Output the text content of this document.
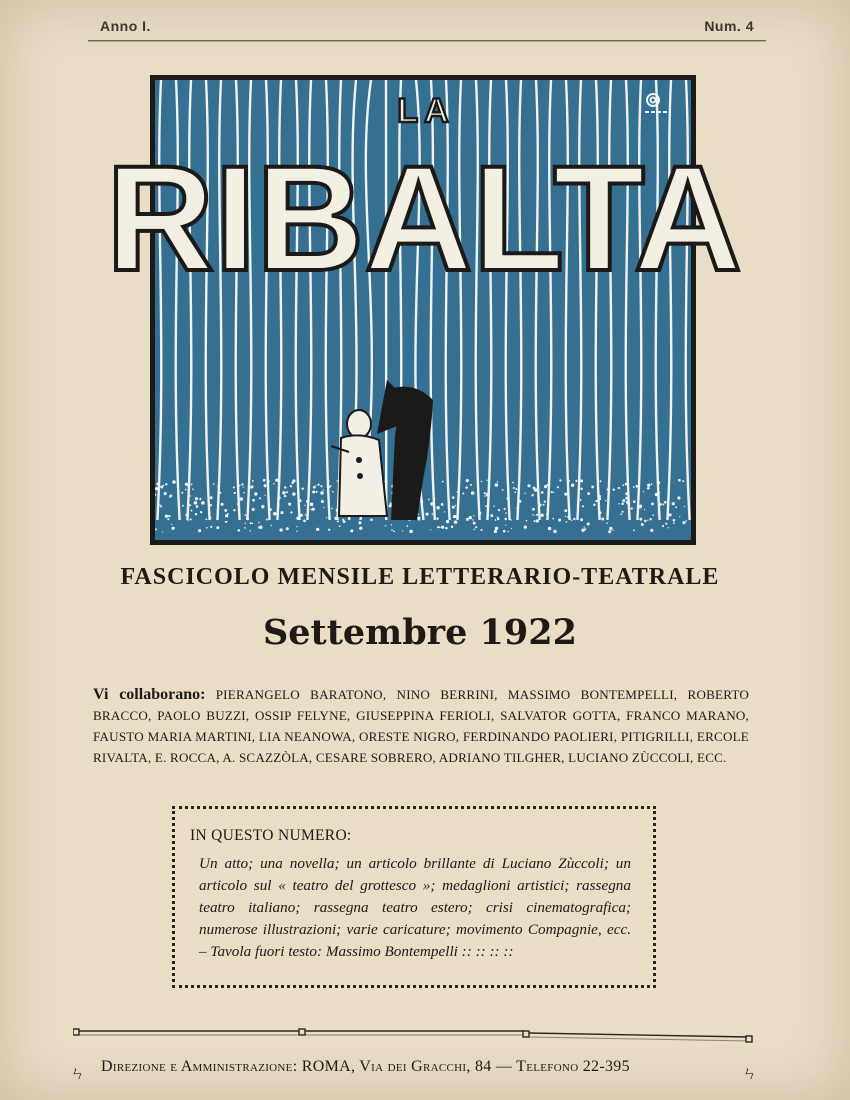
Anno I.	Num. 4
LA
RIBALTA
FASCICOLO MENSILE LETTERARIO-TEATRALE
Settembre 1922
Vi collaborano: PIERANGELO BARATONO, NINO BERRINI, MASSIMO BONTEMPELLI, ROBERTO BRACCO, PAOLO BUZZI, OSSIP FELYNE, GIUSEPPINA FERIOLI, SALVATOR GOTTA, FRANCO MARANO, FAUSTO MARIA MARTINI, LIA NEANOWA, ORESTE NIGRO, FERDINANDO PAOLIERI, PITIGRILLI, ERCOLE RIVALTA, E. ROCCA, A. SCAZZÒLA, CESARE SOBRERO, ADRIANO TILGHER, LUCIANO ZÙCCOLI, ECC.
IN QUESTO NUMERO:
Un atto; una novella; un articolo brillante di Luciano Zùccoli; un articolo sul « teatro del grottesco »; medaglioni artistici; rassegna teatro italiano; rassegna teatro estero; crisi cinematografica; numerose illustrazioni; varie caricature; movimento Compagnie, ecc. – Tavola fuori testo: Massimo Bontempelli :: :: :: ::
ㄣ Direzione e Amministrazione: ROMA, Via dei Gracchi, 84 — Telefono 22-395	ㄣ
